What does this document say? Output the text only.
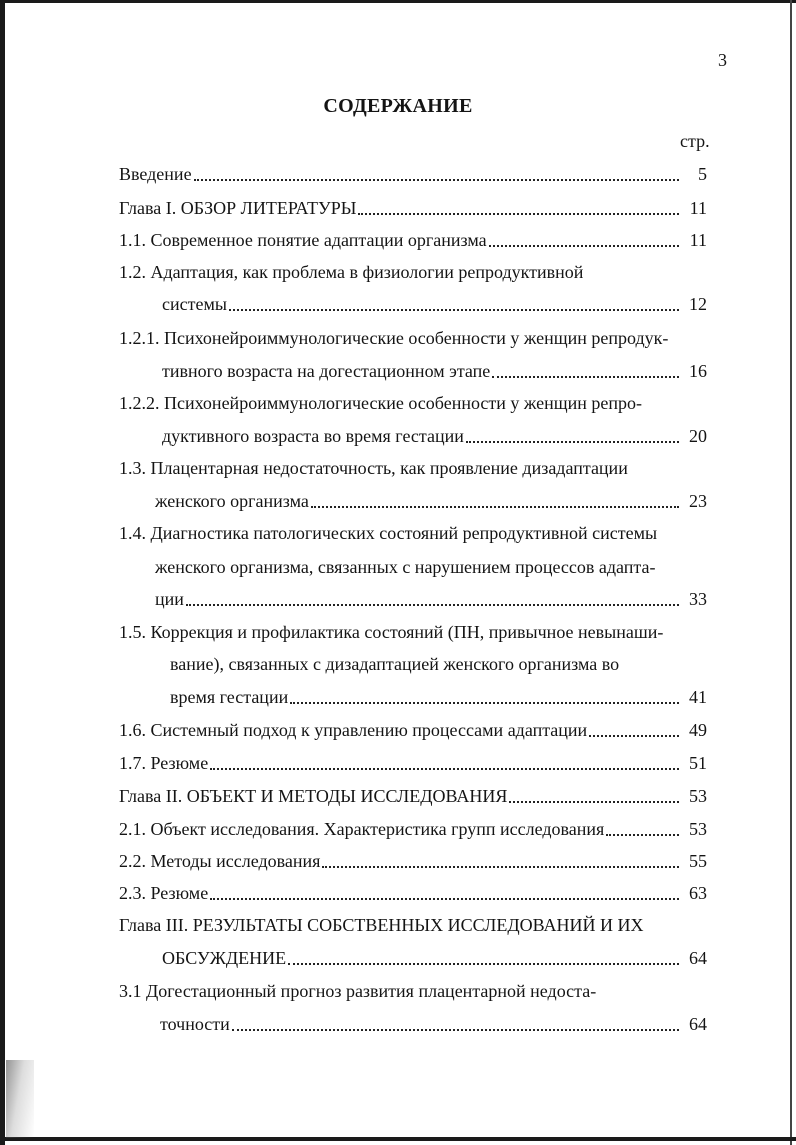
3
СОДЕРЖАНИЕ
стр.
Введение	5
Глава I. ОБЗОР ЛИТЕРАТУРЫ	11
1.1. Современное понятие адаптации организма	11
1.2. Адаптация, как проблема в физиологии репродуктивной
системы	12
1.2.1. Психонейроиммунологические особенности у женщин репродук-
тивного возраста на догестационном этапе	16
1.2.2. Психонейроиммунологические особенности у женщин репро-
дуктивного возраста во время гестации	20
1.3. Плацентарная недостаточность, как проявление дизадаптации
женского организма	23
1.4. Диагностика патологических состояний репродуктивной системы
женского организма, связанных с нарушением процессов адапта-
ции	33
1.5. Коррекция и профилактика состояний (ПН, привычное невынаши-
вание), связанных с дизадаптацией женского организма во
время гестации	41
1.6. Системный подход к управлению процессами адаптации	49
1.7. Резюме	51
Глава II. ОБЪЕКТ И МЕТОДЫ ИССЛЕДОВАНИЯ	53
2.1. Объект исследования. Характеристика групп исследования	53
2.2. Методы исследования	55
2.3. Резюме	63
Глава III. РЕЗУЛЬТАТЫ СОБСТВЕННЫХ ИССЛЕДОВАНИЙ И ИХ
ОБСУЖДЕНИЕ	64
3.1 Догестационный прогноз развития плацентарной недоста-
точности	64
